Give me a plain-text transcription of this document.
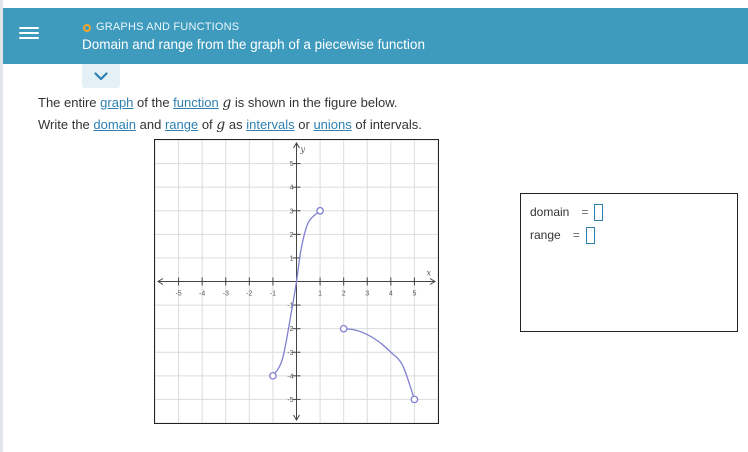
GRAPHS AND FUNCTIONS
Domain and range from the graph of a piecewise function
The entire graph of the function g is shown in the figure below.
Write the domain and range of g as intervals or unions of intervals.
-5 -4 -3 -2 -1	1	2	3	4	5
-5
-4
-3
-2
-1
1
2
3
4
5
x
y
domain =
range =
